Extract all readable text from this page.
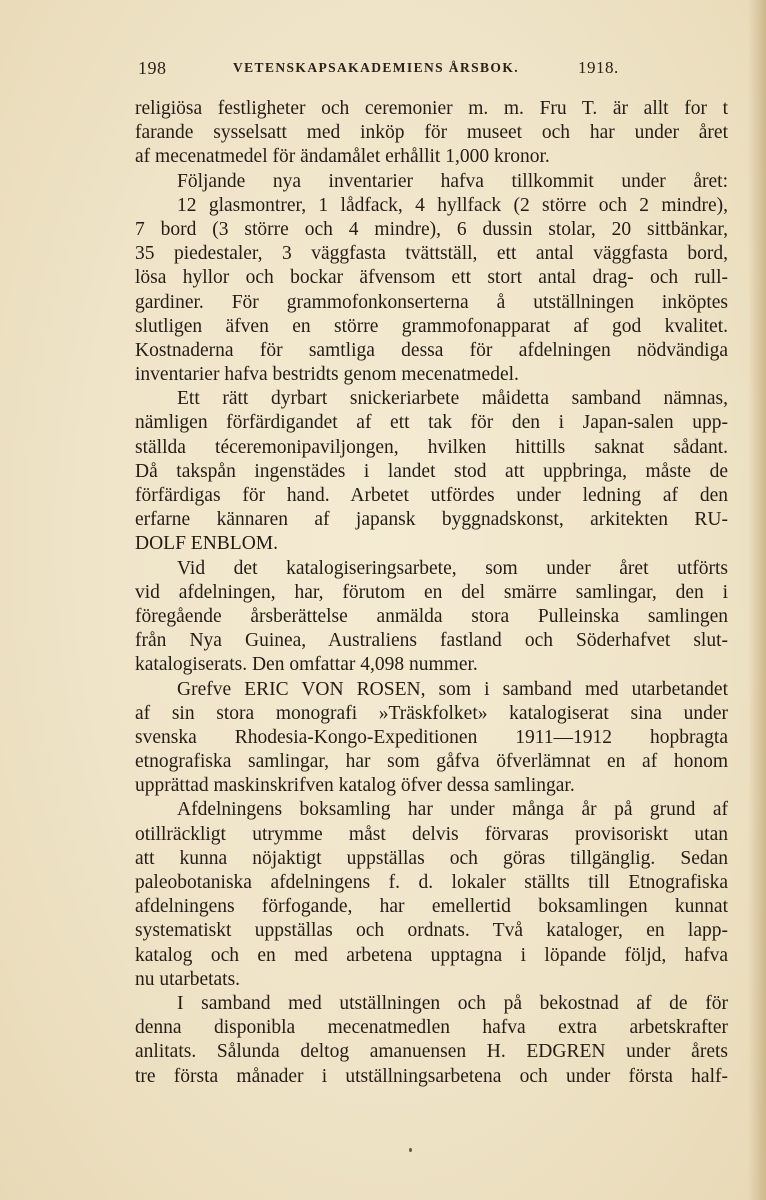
198	VETENSKAPSAKADEMIENS ÅRSBOK.	1918.
religiösa festligheter och ceremonier m. m. Fru T. är allt for t
farande sysselsatt med inköp för museet och har under året
af mecenatmedel för ändamålet erhållit 1,000 kronor.
Följande nya inventarier hafva tillkommit under året:
12 glasmontrer, 1 lådfack, 4 hyllfack (2 större och 2 mindre),
7 bord (3 större och 4 mindre), 6 dussin stolar, 20 sittbänkar,
35 piedestaler, 3 väggfasta tvättställ, ett antal väggfasta bord,
lösa hyllor och bockar äfvensom ett stort antal drag- och rull-
gardiner. För grammofonkonserterna å utställningen inköptes
slutligen äfven en större grammofonapparat af god kvalitet.
Kostnaderna för samtliga dessa för afdelningen nödvändiga
inventarier hafva bestridts genom mecenatmedel.
Ett rätt dyrbart snickeriarbete måidetta samband nämnas,
nämligen förfärdigandet af ett tak för den i Japan-salen upp-
ställda téceremonipaviljongen, hvilken hittills saknat sådant.
Då takspån ingenstädes i landet stod att uppbringa, måste de
förfärdigas för hand. Arbetet utfördes under ledning af den
erfarne kännaren af japansk byggnadskonst, arkitekten RU-
DOLF ENBLOM.
Vid det katalogiseringsarbete, som under året utförts
vid afdelningen, har, förutom en del smärre samlingar, den i
föregående årsberättelse anmälda stora Pulleinska samlingen
från Nya Guinea, Australiens fastland och Söderhafvet slut-
katalogiserats. Den omfattar 4,098 nummer.
Grefve ERIC VON ROSEN, som i samband med utarbetandet
af sin stora monografi »Träskfolket» katalogiserat sina under
svenska Rhodesia-Kongo-Expeditionen 1911—1912 hopbragta
etnografiska samlingar, har som gåfva öfverlämnat en af honom
upprättad maskinskrifven katalog öfver dessa samlingar.
Afdelningens boksamling har under många år på grund af
otillräckligt utrymme måst delvis förvaras provisoriskt utan
att kunna nöjaktigt uppställas och göras tillgänglig. Sedan
paleobotaniska afdelningens f. d. lokaler ställts till Etnografiska
afdelningens förfogande, har emellertid boksamlingen kunnat
systematiskt uppställas och ordnats. Två kataloger, en lapp-
katalog och en med arbetena upptagna i löpande följd, hafva
nu utarbetats.
I samband med utställningen och på bekostnad af de för
denna disponibla mecenatmedlen hafva extra arbetskrafter
anlitats. Sålunda deltog amanuensen H. EDGREN under årets
tre första månader i utställningsarbetena och under första half-
